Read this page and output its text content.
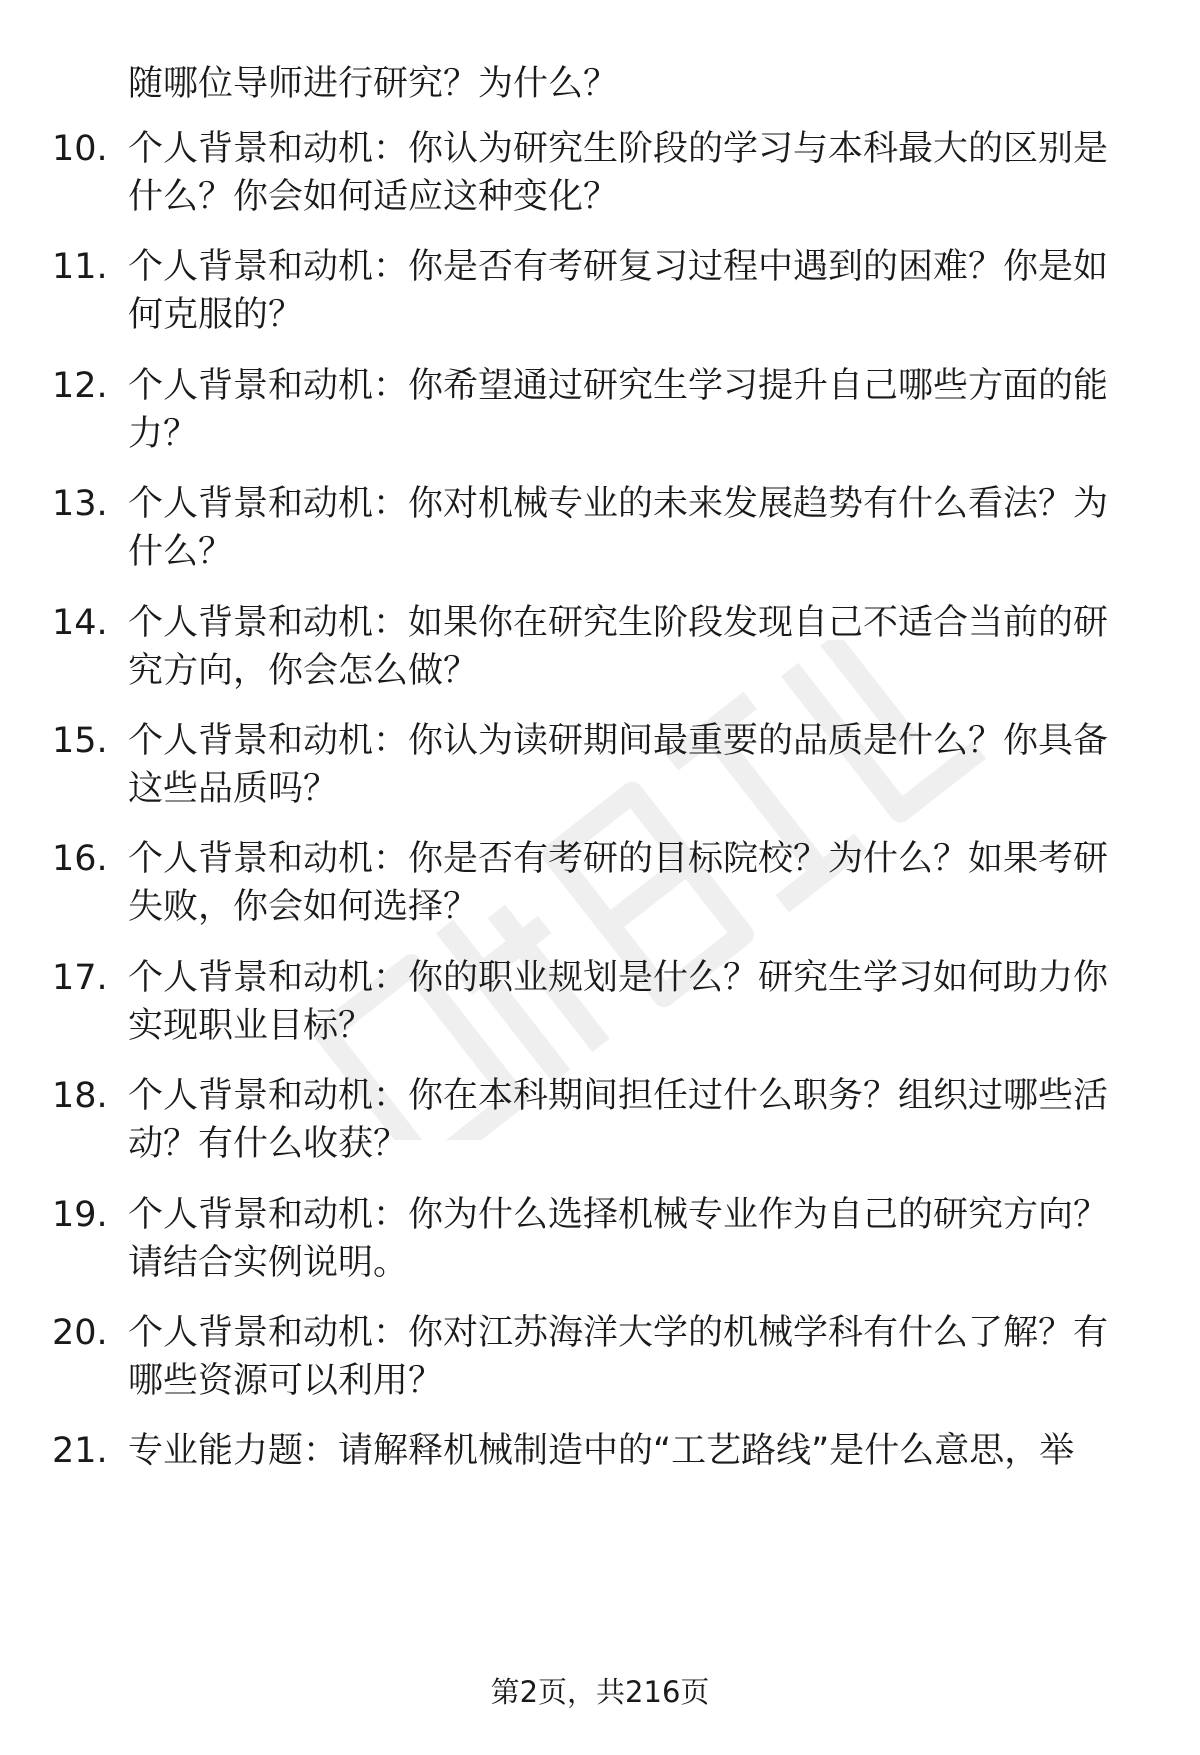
随哪位导师进行研究？为什么？
10. 个人背景和动机：你认为研究生阶段的学习与本科最大的区别是
什么？你会如何适应这种变化？
11. 个人背景和动机：你是否有考研复习过程中遇到的困难？你是如
何克服的？
12. 个人背景和动机：你希望通过研究生学习提升自己哪些方面的能
力？
13. 个人背景和动机：你对机械专业的未来发展趋势有什么看法？为
什么？
14. 个人背景和动机：如果你在研究生阶段发现自己不适合当前的研
究方向，你会怎么做？
15. 个人背景和动机：你认为读研期间最重要的品质是什么？你具备
这些品质吗？
16. 个人背景和动机：你是否有考研的目标院校？为什么？如果考研
失败，你会如何选择？
17. 个人背景和动机：你的职业规划是什么？研究生学习如何助力你
实现职业目标？
18. 个人背景和动机：你在本科期间担任过什么职务？组织过哪些活
动？有什么收获？
19. 个人背景和动机：你为什么选择机械专业作为自己的研究方向？
请结合实例说明。
20. 个人背景和动机：你对江苏海洋大学的机械学科有什么了解？有
哪些资源可以利用？
21. 专业能力题：请解释机械制造中的“工艺路线”是什么意思，举
第2页，共216页
